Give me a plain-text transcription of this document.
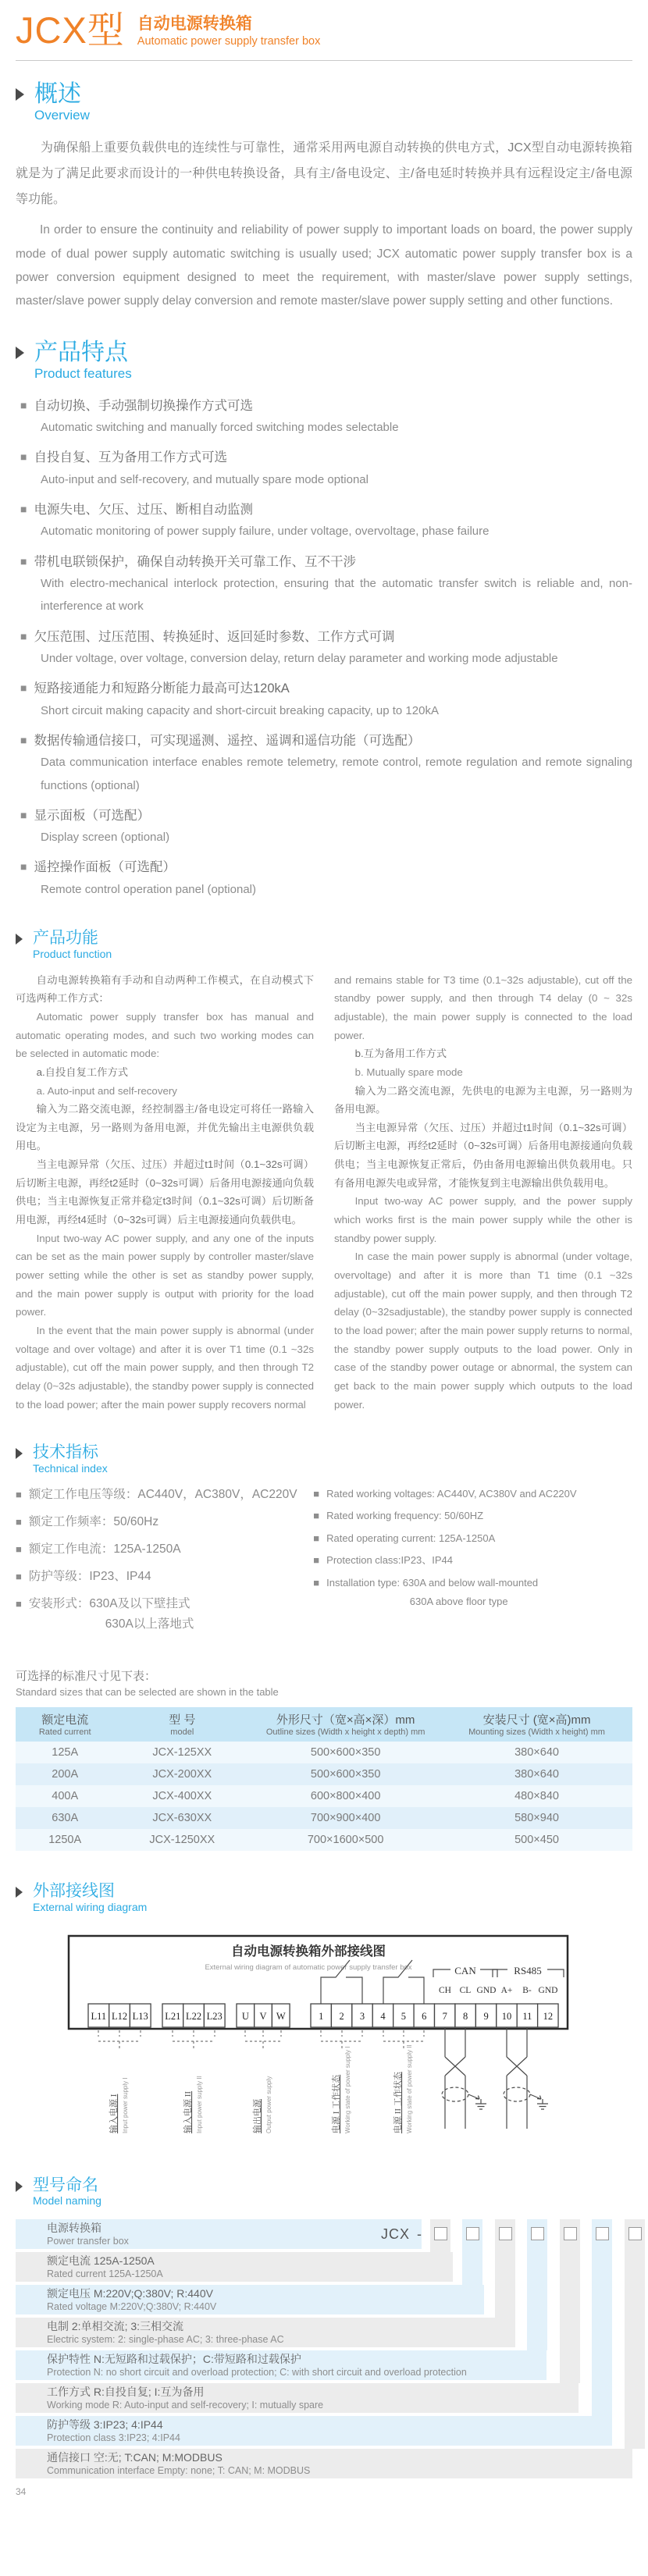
JCX型 自动电源转换箱
Automatic power supply transfer box
概述
Overview

为确保船上重要负载供电的连续性与可靠性，通常采用两电源自动转换的供电方式，JCX型自动电源转换箱就是为了满足此要求而设计的一种供电转换设备，具有主/备电设定、主/备电延时转换并具有远程设定主/备电源等功能。

In order to ensure the continuity and reliability of power supply to important loads on board, the power supply mode of dual power supply automatic switching is usually used; JCX automatic power supply transfer box is a power conversion equipment designed to meet the requirement, with master/slave power supply settings, master/slave power supply delay conversion and remote master/slave power supply setting and other functions.

产品特点
Product features
■ 自动切换、手动强制切换操作方式可选
Automatic switching and manually forced switching modes selectable
■ 自投自复、互为备用工作方式可选
Auto-input and self-recovery, and mutually spare mode optional
■ 电源失电、欠压、过压、断相自动监测
Automatic monitoring of power supply failure, under voltage, overvoltage, phase failure
■ 带机电联锁保护，确保自动转换开关可靠工作、互不干涉
With electro-mechanical interlock protection, ensuring that the automatic transfer switch is reliable and, non-interference at work
■ 欠压范围、过压范围、转换延时、返回延时参数、工作方式可调
Under voltage, over voltage, conversion delay, return delay parameter and working mode adjustable
■ 短路接通能力和短路分断能力最高可达120kA
Short circuit making capacity and short-circuit breaking capacity, up to 120kA
■ 数据传输通信接口，可实现遥测、遥控、遥调和遥信功能（可选配）
Data communication interface enables remote telemetry, remote control, remote regulation and remote signaling functions (optional)
■ 显示面板（可选配）
Display screen (optional)
■ 遥控操作面板（可选配）
Remote control operation panel (optional)
产品功能
Product function

自动电源转换箱有手动和自动两种工作模式，在自动模式下可选两种工作方式：

Automatic power supply transfer box has manual and automatic operating modes, and such two working modes can be selected in automatic mode:

a.自投自复工作方式

a. Auto-input and self-recovery

输入为二路交流电源，经控制器主/备电设定可将任一路输入设定为主电源，另一路则为备用电源，并优先输出主电源供负载用电。

当主电源异常（欠压、过压）并超过t1时间（0.1~32s可调）后切断主电源，再经t2延时（0~32s可调）后备用电源接通向负载供电；当主电源恢复正常并稳定t3时间（0.1~32s可调）后切断备用电源，再经t4延时（0~32s可调）后主电源接通向负载供电。

Input two-way AC power supply, and any one of the inputs can be set as the main power supply by controller master/slave power setting while the other is set as standby power supply, and the main power supply is output with priority for the load power.

In the event that the main power supply is abnormal (under voltage and over voltage) and after it is over T1 time (0.1 ~32s adjustable), cut off the main power supply, and then through T2 delay (0~32s adjustable), the standby power supply is connected to the load power; after the main power supply recovers normal

and remains stable for T3 time (0.1~32s adjustable), cut off the standby power supply, and then through T4 delay (0 ~ 32s adjustable), the main power supply is connected to the load power.

b.互为备用工作方式

b. Mutually spare mode

输入为二路交流电源，先供电的电源为主电源，另一路则为备用电源。

当主电源异常（欠压、过压）并超过t1时间（0.1~32s可调）后切断主电源，再经t2延时（0~32s可调）后备用电源接通向负载供电；当主电源恢复正常后，仍由备用电源输出供负载用电。只有备用电源失电或异常，才能恢复到主电源输出供负载用电。

Input two-way AC power supply, and the power supply which works first is the main power supply while the other is standby power supply.

In case the main power supply is abnormal (under voltage, overvoltage) and after it is more than T1 time (0.1 ~32s adjustable), cut off the main power supply, and then through T2 delay (0~32sadjustable), the standby power supply is connected to the load power; after the main power supply returns to normal, the standby power supply outputs to the load power. Only in case of the standby power outage or abnormal, the system can get back to the main power supply which outputs to the load power.

技术指标
Technical index
■ 额定工作电压等级：AC440V，AC380V，AC220V
■ 额定工作频率：50/60Hz
■ 额定工作电流：125A-1250A
■ 防护等级：IP23、IP44
■ 安装形式：630A及以下壁挂式
630A以上落地式
■ Rated working voltages: AC440V, AC380V and AC220V
■ Rated working frequency: 50/60HZ
■ Rated operating current: 125A-1250A
■ Protection class:IP23、IP44
■ Installation type: 630A and below wall-mounted
630A above floor type

可选择的标准尺寸见下表：

Standard sizes that can be selected are shown in the table

额定电流
Rated current

型 号
model

外形尺寸（宽×高×深）mm
Outline sizes (Width x height x depth) mm

安装尺寸 (宽×高)mm
Mounting sizes (Width x height) mm

125A	JCX-125XX	500×600×350	380×640
200A	JCX-200XX	500×600×350	380×640
400A	JCX-400XX	600×800×400	480×840
630A	JCX-630XX	700×900×400	580×940
1250A	JCX-1250XX	700×1600×500	500×450
外部接线图
External wiring diagram
自动电源转换箱外部接线图
External wiring diagram of automatic power supply transfer box	CAN	RS485
CH CL GND A+ B- GND
L11 L12 L13 L21 L22 L23 U V W	1 2 3 4 5 6 7 8 9 10 11 12
输入电源 I Input power supply I	输入电源 II Input power supply II	输出电源 Output power supply	电源 I 工作状态 Working state of power supply I	电源 II 工作状态 Working state of power supply II
型号命名
Model naming
电源转换箱
Power transfer box
额定电流 125A-1250A
Rated current 125A-1250A
额定电压 M:220V;Q:380V; R:440V
Rated voltage M:220V;Q:380V; R:440V
电制 2:单相交流; 3:三相交流
Electric system: 2: single-phase AC; 3: three-phase AC
保护特性 N:无短路和过载保护；C:带短路和过载保护
Protection N: no short circuit and overload protection; C: with short circuit and overload protection
工作方式 R:自投自复; I:互为备用
Working mode R: Auto-input and self-recovery; I: mutually spare
防护等级 3:IP23; 4:IP44
Protection class 3:IP23; 4:IP44
通信接口 空:无; T:CAN; M:MODBUS
Communication interface Empty: none; T: CAN; M: MODBUS
JCX -
34
